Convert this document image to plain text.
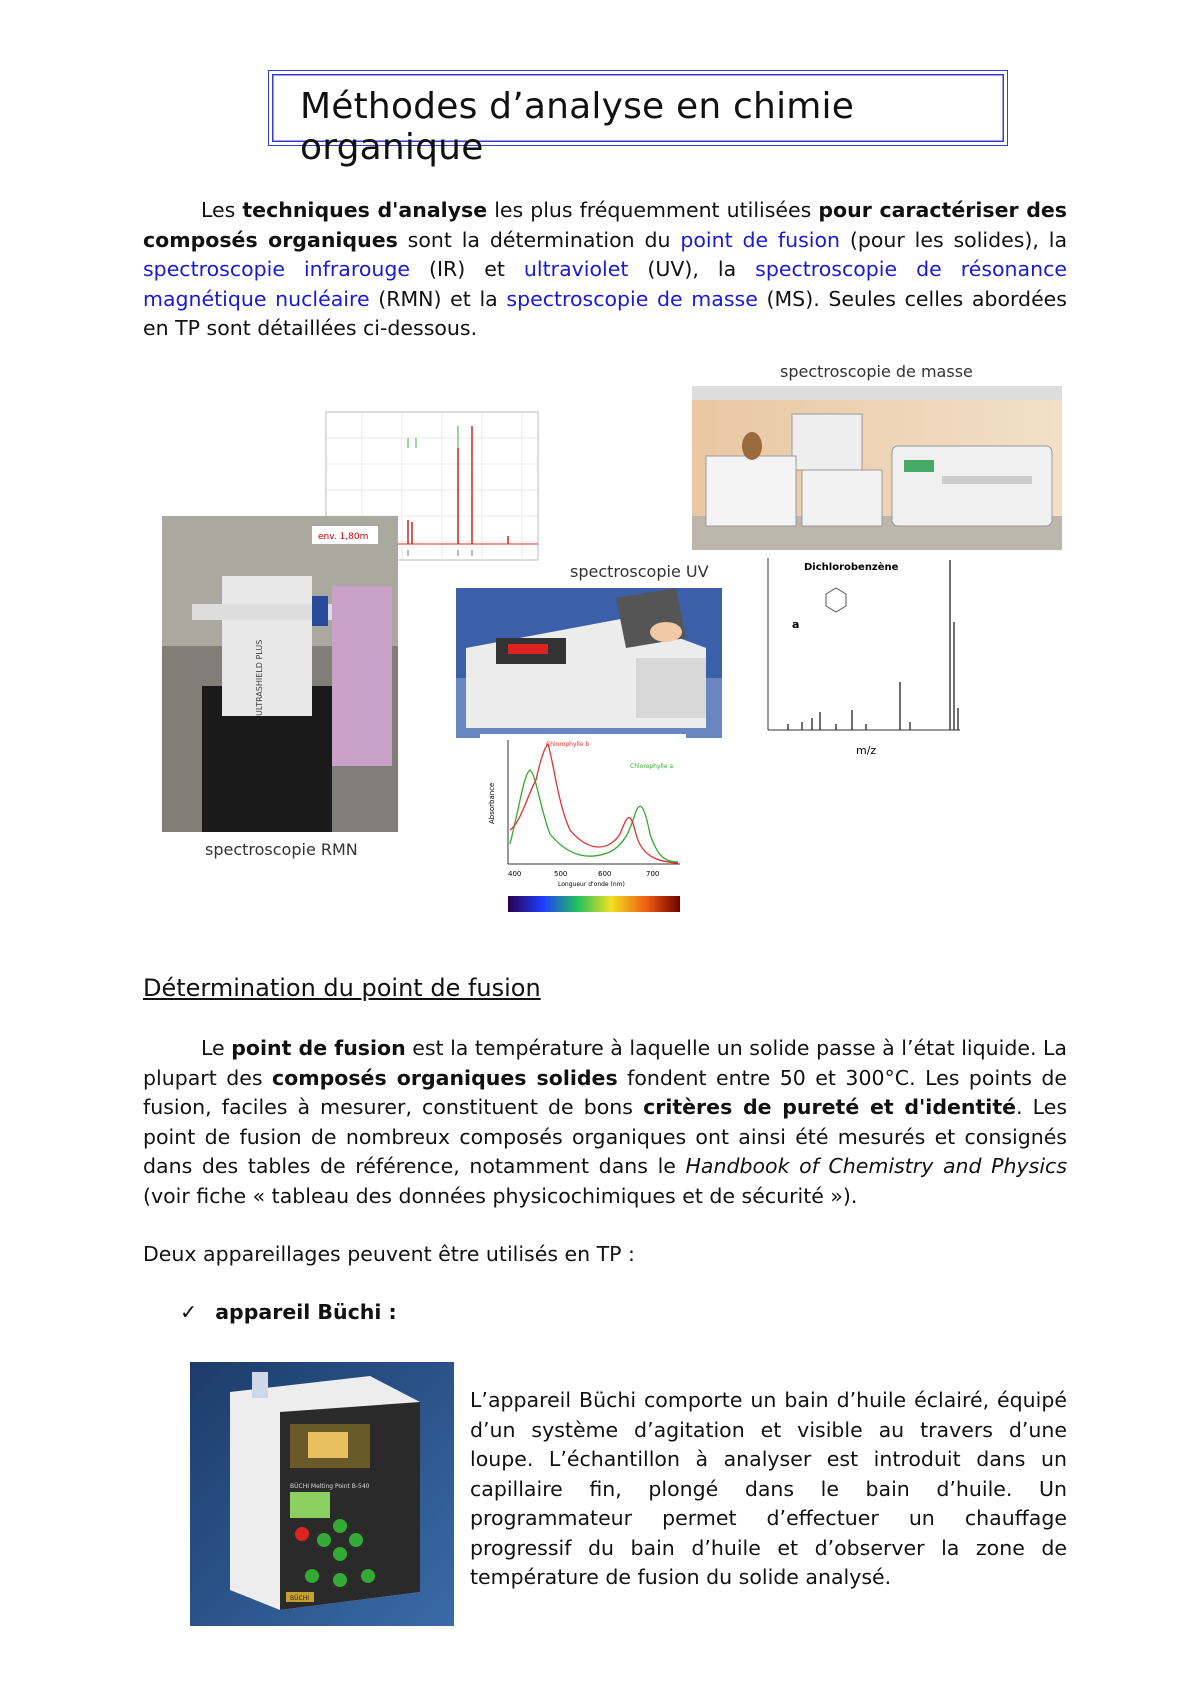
Méthodes d’analyse en chimie organique
Les techniques d'analyse les plus fréquemment utilisées pour caractériser des composés organiques sont la détermination du point de fusion (pour les solides), la spectroscopie infrarouge (IR) et ultraviolet (UV), la spectroscopie de résonance magnétique nucléaire (RMN) et la spectroscopie de masse (MS). Seules celles abordées en TP sont détaillées ci-dessous.
spectroscopie de masse
env. 1,80m
ULTRASHIELD PLUS
spectroscopie RMN
spectroscopie UV	Dichlorobenzène
a
m/z
Absorbance
Chlorophylle b
Chlorophylle a
400	500	600	700
Longueur d'onde (nm)
Détermination du point de fusion
Le point de fusion est la température à laquelle un solide passe à l’état liquide. La plupart des composés organiques solides fondent entre 50 et 300°C. Les points de fusion, faciles à mesurer, constituent de bons critères de pureté et d'identité. Les point de fusion de nombreux composés organiques ont ainsi été mesurés et consignés dans des tables de référence, notamment dans le Handbook of Chemistry and Physics (voir fiche « tableau des données physicochimiques et de sécurité »).
Deux appareillages peuvent être utilisés en TP :
✓ appareil Büchi :
BÜCHI Melting Point B-540
BÜCHI
L’appareil Büchi comporte un bain d’huile éclairé, équipé d’un système d’agitation et visible au travers d’une loupe. L’échantillon à analyser est introduit dans un capillaire fin, plongé dans le bain d’huile. Un programmateur permet d’effectuer un chauffage progressif du bain d’huile et d’observer la zone de température de fusion du solide analysé.
